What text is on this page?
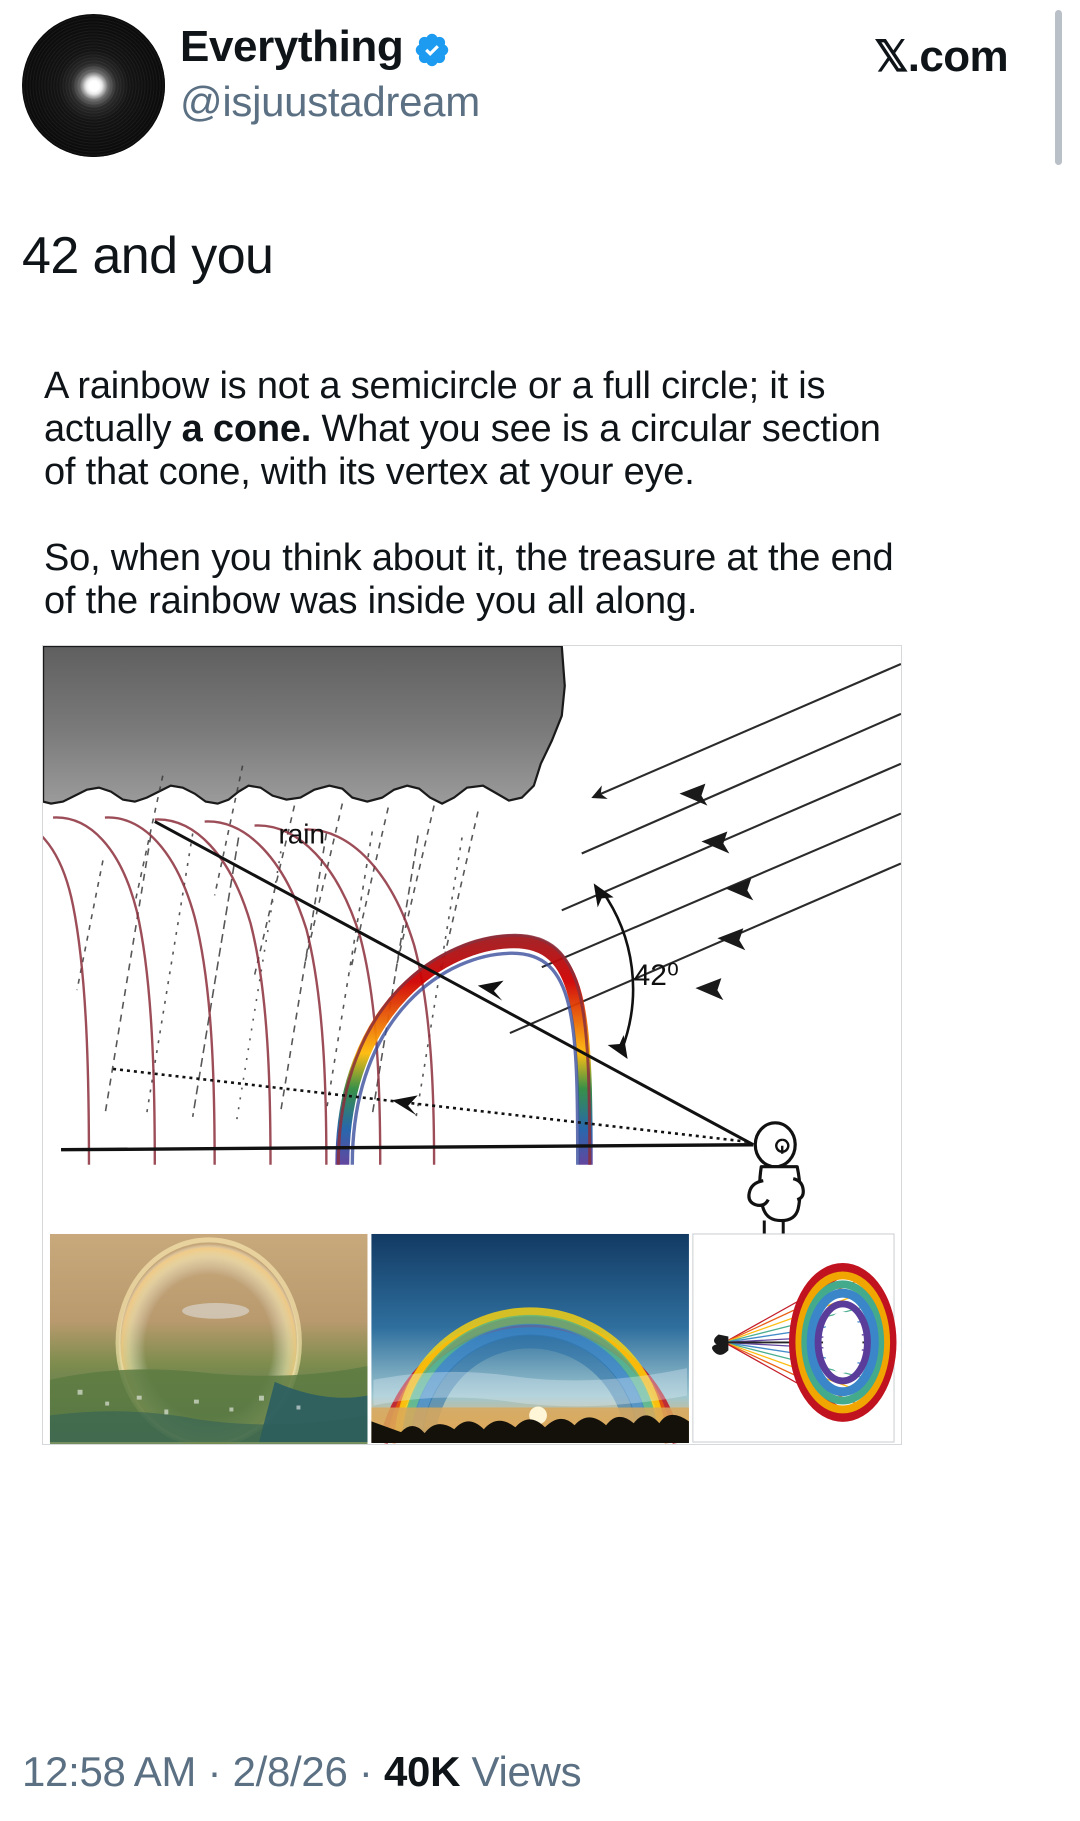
Everything
@isjuustadream
𝕏 .com
42 and you

A rainbow is not a semicircle or a full circle; it is actually a cone. What you see is a circular section of that cone, with its vertex at your eye.

So, when you think about it, the treasure at the end of the rainbow was inside you all along.

rain
42⁰
12:58 AM · 2/8/26 · 40K Views
